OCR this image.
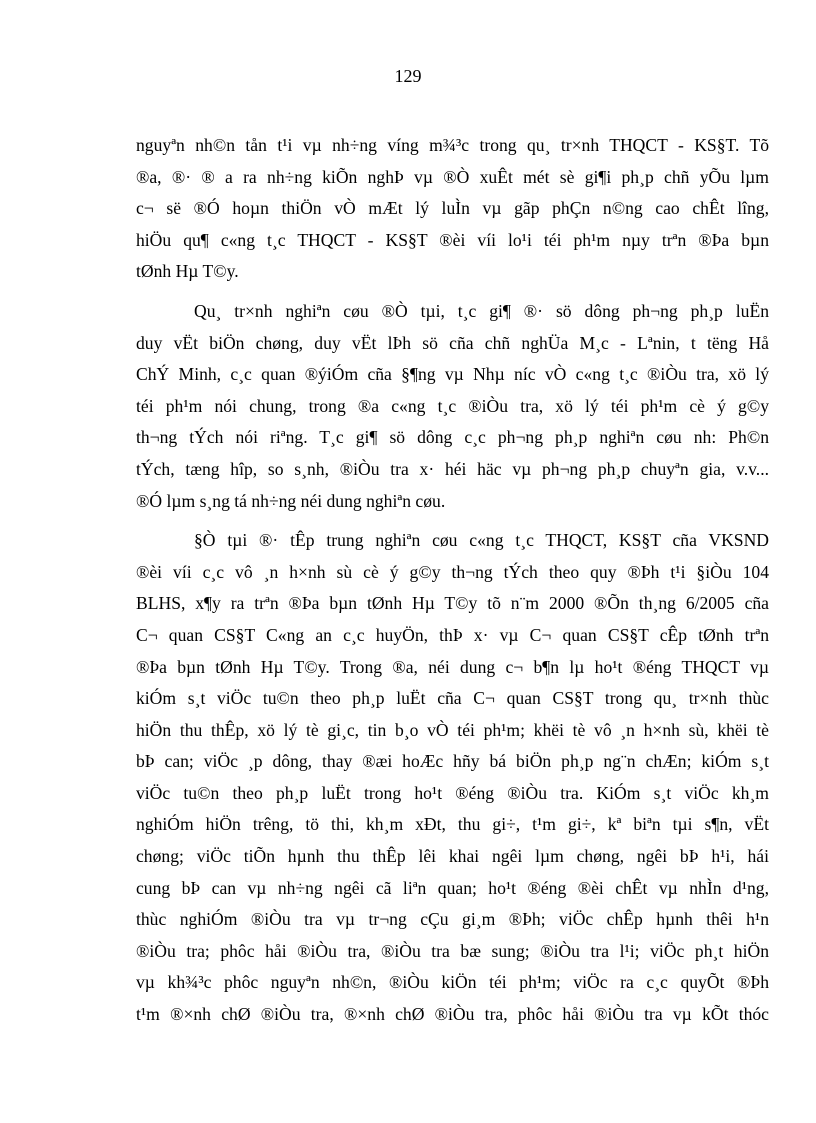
129
nguyªn nh©n tån t¹i vµ nh÷ng víng m¾³c trong qu¸ tr×nh THQCT - KS§T. Tõ
®a, ®· ® a ra nh÷ng kiÕn nghÞ vµ ®Ò xuÊt mét sè gi¶i ph¸p chñ yÕu lµm
c¬ së ®Ó hoµn thiÖn vÒ mÆt lý luÌn vµ gãp phÇn n©ng cao chÊt lîng,
hiÖu qu¶ c«ng t¸c THQCT - KS§T ®èi víi lo¹i téi ph¹m nµy trªn ®Þa bµn
tØnh Hµ T©y.
Qu¸ tr×nh nghiªn cøu ®Ò tµi, t¸c gi¶ ®· sö dông ph¬ng ph¸p luËn
duy vËt biÖn chøng, duy vËt lÞh sö cña chñ nghÜa M¸c - Lªnin, t tëng Hå
ChÝ Minh, c¸c quan ®ýiÓm cña §¶ng vµ Nhµ níc vÒ c«ng t¸c ®iÒu tra, xö lý
téi ph¹m nói chung, trong ®a c«ng t¸c ®iÒu tra, xö lý téi ph¹m cè ý g©y
th¬ng tÝch nói riªng. T¸c gi¶ sö dông c¸c ph¬ng ph¸p nghiªn cøu nh: Ph©n
tÝch, tæng hîp, so s¸nh, ®iÒu tra x· héi häc vµ ph¬ng ph¸p chuyªn gia, v.v...
®Ó lµm s¸ng tá nh÷ng néi dung nghiªn cøu.
§Ò tµi ®· tÊp trung nghiªn cøu c«ng t¸c THQCT, KS§T cña VKSND
®èi víi c¸c vô ¸n h×nh sù cè ý g©y th¬ng tÝch theo quy ®Þh t¹i §iÒu 104
BLHS, x¶y ra trªn ®Þa bµn tØnh Hµ T©y tõ n¨m 2000 ®Õn th¸ng 6/2005 cña
C¬ quan CS§T C«ng an c¸c huyÖn, thÞ x· vµ C¬ quan CS§T cÊp tØnh trªn
®Þa bµn tØnh Hµ T©y. Trong ®a, néi dung c¬ b¶n lµ ho¹t ®éng THQCT vµ
kiÓm s¸t viÖc tu©n theo ph¸p luËt cña C¬ quan CS§T trong qu¸ tr×nh thùc
hiÖn thu thÊp, xö lý tè gi¸c, tin b¸o vÒ téi ph¹m; khëi tè vô ¸n h×nh sù, khëi tè
bÞ can; viÖc ¸p dông, thay ®æi hoÆc hñy bá biÖn ph¸p ng¨n chÆn; kiÓm s¸t
viÖc tu©n theo ph¸p luËt trong ho¹t ®éng ®iÒu tra. KiÓm s¸t viÖc kh¸m
nghiÓm hiÖn trêng, tö thi, kh¸m xÐt, thu gi÷, t¹m gi÷, kª biªn tµi s¶n, vËt
chøng; viÖc tiÕn hµnh thu thÊp lêi khai ngêi lµm chøng, ngêi bÞ h¹i, hái
cung bÞ can vµ nh÷ng ngêi cã liªn quan; ho¹t ®éng ®èi chÊt vµ nhÌn d¹ng,
thùc nghiÓm ®iÒu tra vµ tr¬ng cÇu gi¸m ®Þh; viÖc chÊp hµnh thêi h¹n
®iÒu tra; phôc håi ®iÒu tra, ®iÒu tra bæ sung; ®iÒu tra l¹i; viÖc ph¸t hiÖn
vµ kh¾³c phôc nguyªn nh©n, ®iÒu kiÖn téi ph¹m; viÖc ra c¸c quyÕt ®Þh
t¹m ®×nh chØ ®iÒu tra, ®×nh chØ ®iÒu tra, phôc håi ®iÒu tra vµ kÕt thóc
